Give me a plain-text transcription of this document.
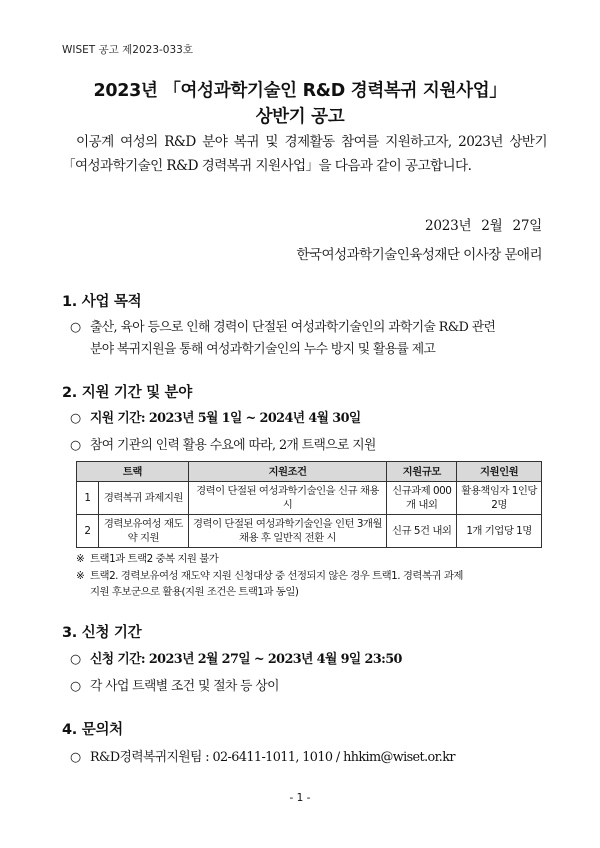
WISET 공고 제2023-033호
2023년 「여성과학기술인 R&D 경력복귀 지원사업」
상반기 공고
이공계 여성의 R&D 분야 복귀 및 경제활동 참여를 지원하고자, 2023년 상반기 「여성과학기술인 R&D 경력복귀 지원사업」을 다음과 같이 공고합니다.
2023년 2월 27일
한국여성과학기술인육성재단 이사장 문애리
1. 사업 목적
○ 출산, 육아 등으로 인해 경력이 단절된 여성과학기술인의 과학기술 R&D 관련
분야 복귀지원을 통해 여성과학기술인의 누수 방지 및 활용률 제고
2. 지원 기간 및 분야
○ 지원 기간: 2023년 5월 1일 ~ 2024년 4월 30일
○ 참여 기관의 인력 활용 수요에 따라, 2개 트랙으로 지원
트랙		지원조건	지원규모	지원인원
1	경력복귀 과제지원	경력이 단절된 여성과학기술인을 신규 채용 시	신규과제 000개 내외	활용책임자 1인당 2명
2	경력보유여성 재도약 지원	경력이 단절된 여성과학기술인을 인턴 3개월 채용 후 일반직 전환 시	신규 5건 내외	1개 기업당 1명
※ 트랙1과 트랙2 중복 지원 불가
※ 트랙2. 경력보유여성 재도약 지원 신청대상 중 선정되지 않은 경우 트랙1. 경력복귀 과제
지원 후보군으로 활용(지원 조건은 트랙1과 동일)
3. 신청 기간
○ 신청 기간: 2023년 2월 27일 ~ 2023년 4월 9일 23:50
○ 각 사업 트랙별 조건 및 절차 등 상이
4. 문의처
○ R&D경력복귀지원팀 : 02-6411-1011, 1010 / hhkim@wiset.or.kr
- 1 -
